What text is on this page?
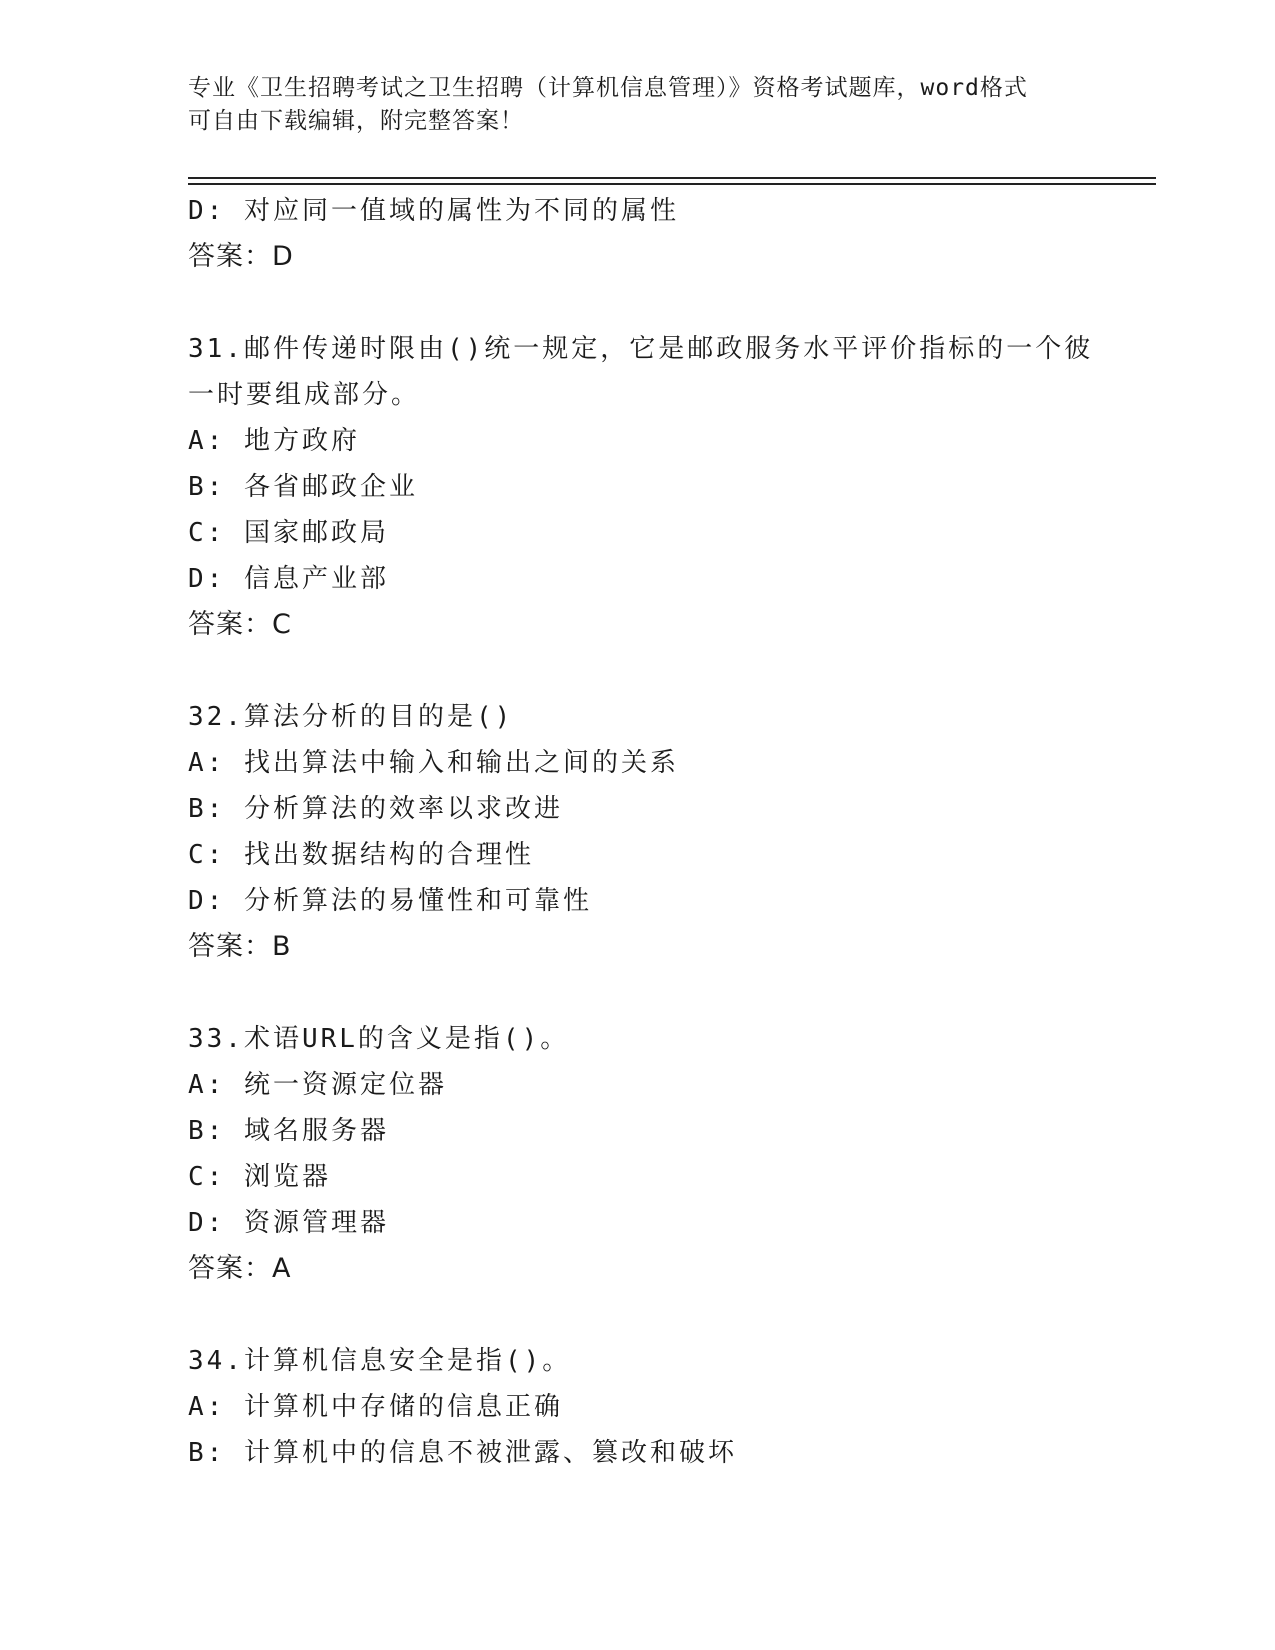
专业《卫生招聘考试之卫生招聘（计算机信息管理）》资格考试题库，word格式
可自由下载编辑，附完整答案！
D: 对应同一值域的属性为不同的属性
答案：D
31.邮件传递时限由()统一规定，它是邮政服务水平评价指标的一个彼
一时要组成部分。
A: 地方政府
B: 各省邮政企业
C: 国家邮政局
D: 信息产业部
答案：C
32.算法分析的目的是()
A: 找出算法中输入和输出之间的关系
B: 分析算法的效率以求改进
C: 找出数据结构的合理性
D: 分析算法的易懂性和可靠性
答案：B
33.术语URL的含义是指()。
A: 统一资源定位器
B: 域名服务器
C: 浏览器
D: 资源管理器
答案：A
34.计算机信息安全是指()。
A: 计算机中存储的信息正确
B: 计算机中的信息不被泄露、篡改和破坏
